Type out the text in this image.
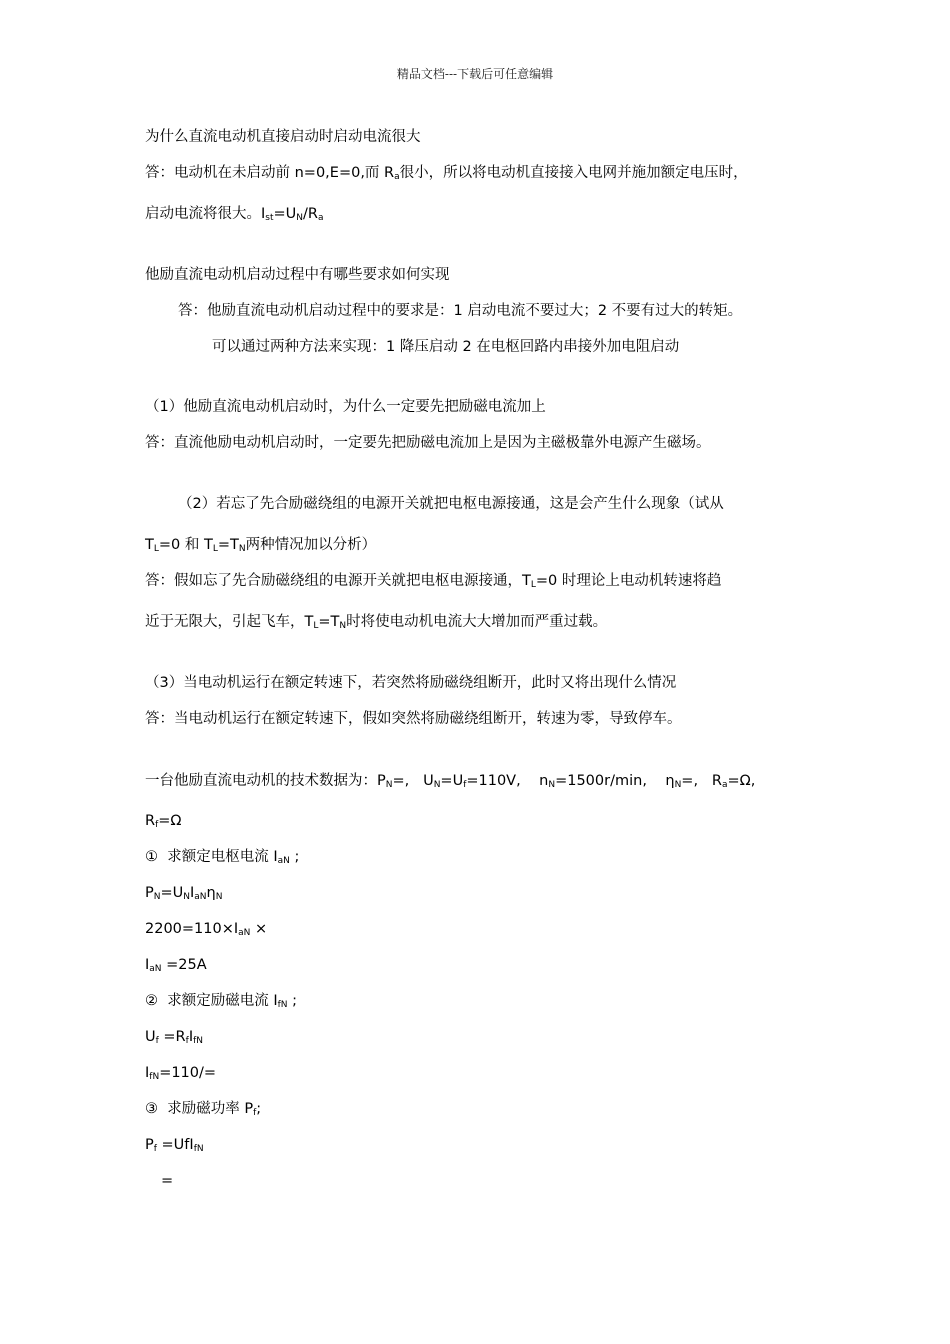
精品文档---下载后可任意编辑
为什么直流电动机直接启动时启动电流很大
答：电动机在未启动前 n=0,E=0,而 $R_a$很小，所以将电动机直接接入电网并施加额定电压时，
启动电流将很大。$I_{st}=U_N/R_a$
他励直流电动机启动过程中有哪些要求如何实现
答：他励直流电动机启动过程中的要求是：1 启动电流不要过大；2 不要有过大的转矩。
可以通过两种方法来实现：1 降压启动 2 在电枢回路内串接外加电阻启动
（1）他励直流电动机启动时，为什么一定要先把励磁电流加上
答：直流他励电动机启动时，一定要先把励磁电流加上是因为主磁极靠外电源产生磁场。
（2）若忘了先合励磁绕组的电源开关就把电枢电源接通，这是会产生什么现象（试从
$T_L=0$ 和 $T_L=T_N$两种情况加以分析）
答：假如忘了先合励磁绕组的电源开关就把电枢电源接通，$T_L=0$ 时理论上电动机转速将趋
近于无限大，引起飞车，$T_L=T_N$时将使电动机电流大大增加而严重过载。
（3）当电动机运行在额定转速下，若突然将励磁绕组断开，此时又将出现什么情况
答：当电动机运行在额定转速下，假如突然将励磁绕组断开，转速为零，导致停车。
一台他励直流电动机的技术数据为：$P_N=$,   $U_N=U_f=110V$,    $n_N=1500r/\min$,    $\eta_N=$,   $R_a=\Omega$,
$R_f=\Omega$
①  求额定电枢电流 $I_{aN}$ ;
$P_N=U_NI_{aN}\eta_N$
$2200=110\times I_{aN}$ ×
$I_{aN} =25A$
②  求额定励磁电流 $I_{fN}$ ;
$U_f =R_fI_{fN}$
$I_{fN}=110/=$
③  求励磁功率 $P_f$;
$P_f =UfI_{fN}$
=
